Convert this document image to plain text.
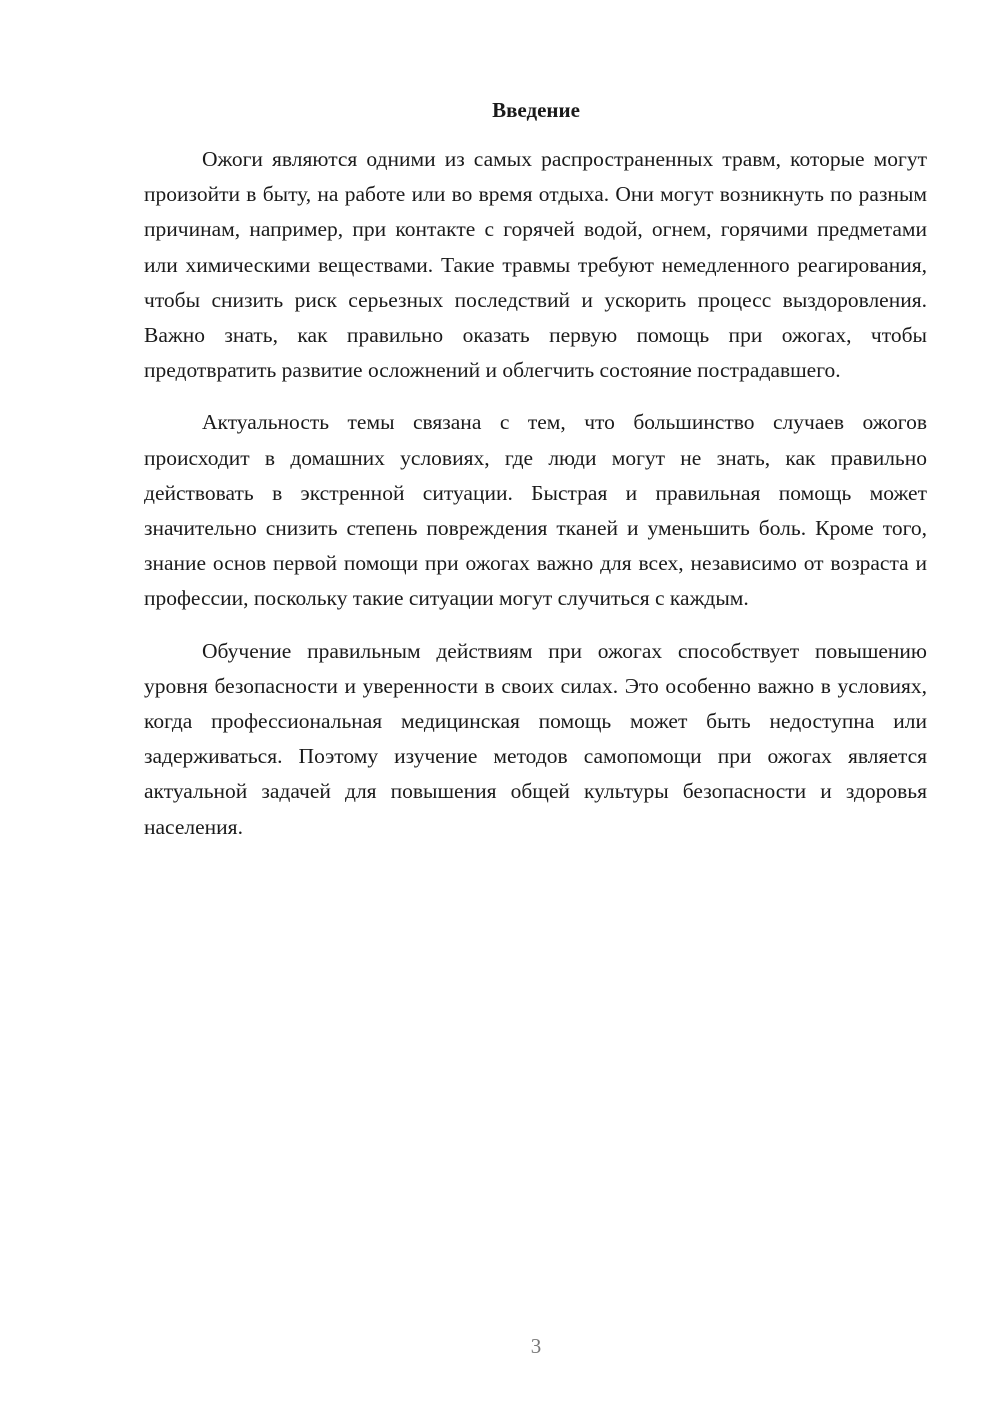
Введение

Ожоги являются одними из самых распространенных травм, которые могут произойти в быту, на работе или во время отдыха. Они могут возникнуть по разным причинам, например, при контакте с горячей водой, огнем, горячими предметами или химическими веществами. Такие травмы требуют немедленного реагирования, чтобы снизить риск серьезных последствий и ускорить процесс выздоровления. Важно знать, как правильно оказать первую помощь при ожогах, чтобы предотвратить развитие осложнений и облегчить состояние пострадавшего.

Актуальность темы связана с тем, что большинство случаев ожогов происходит в домашних условиях, где люди могут не знать, как правильно действовать в экстренной ситуации. Быстрая и правильная помощь может значительно снизить степень повреждения тканей и уменьшить боль. Кроме того, знание основ первой помощи при ожогах важно для всех, независимо от возраста и профессии, поскольку такие ситуации могут случиться с каждым.

Обучение правильным действиям при ожогах способствует повышению уровня безопасности и уверенности в своих силах. Это особенно важно в условиях, когда профессиональная медицинская помощь может быть недоступна или задерживаться. Поэтому изучение методов самопомощи при ожогах является актуальной задачей для повышения общей культуры безопасности и здоровья населения.

3
